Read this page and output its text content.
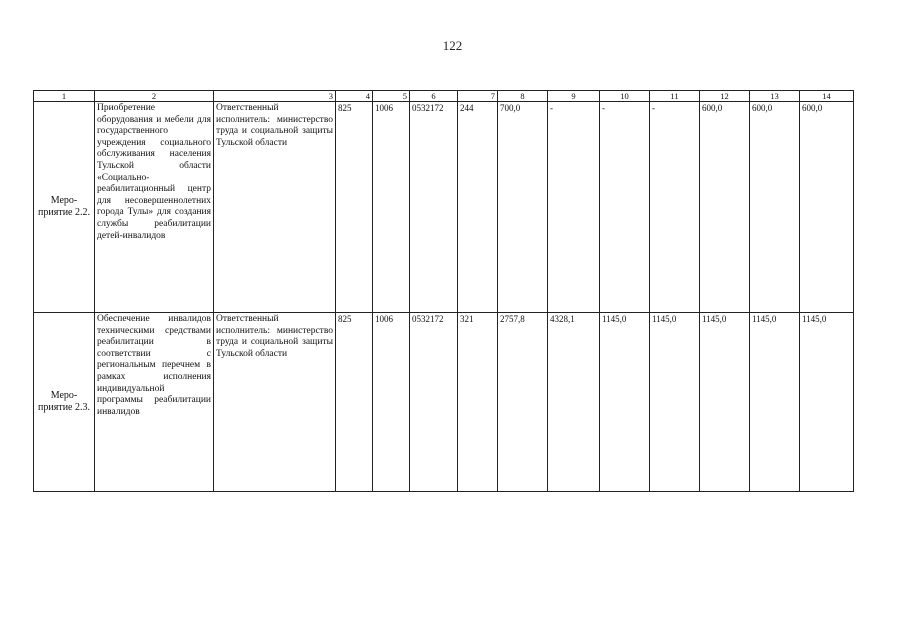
122
1	2	3	4	5	6	7	8	9	10	11	12	13	14
Меро-приятие 2.2.	Приобретение оборудования и мебели для государственного учреждения социального обслуживания населения Тульской области «Социально-реабилитационный центр для несовершеннолетних города Тулы» для создания службы реабилитации детей-инвалидов	Ответственный исполнитель: министерство труда и социальной защиты Тульской области	825	1006	0532172	244	700,0	-	-	-	600,0	600,0	600,0
Меро-приятие 2.3.	Обеспечение инвалидов техническими средствами реабилитации в соответствии с региональным перечнем в рамках исполнения индивидуальной программы реабилитации инвалидов	Ответственный исполнитель: министерство труда и социальной защиты Тульской области	825	1006	0532172	321	2757,8	4328,1	1145,0	1145,0	1145,0	1145,0	1145,0
